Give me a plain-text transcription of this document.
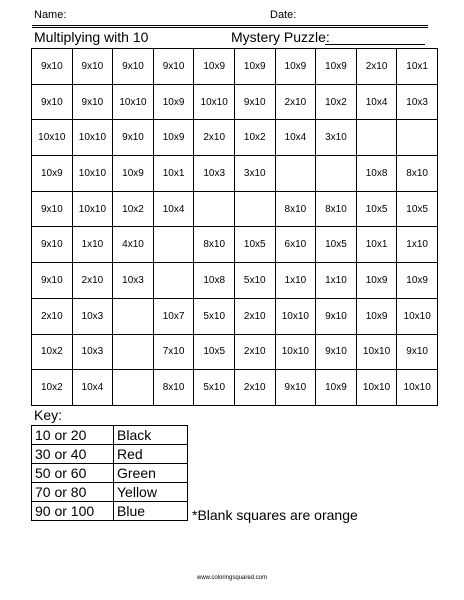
Name:	Date:
Multiplying with 10	Mystery Puzzle:
9x10	9x10	9x10	9x10	10x9	10x9	10x9	10x9	2x10	10x1
9x10	9x10	10x10	10x9	10x10	9x10	2x10	10x2	10x4	10x3
10x10	10x10	9x10	10x9	2x10	10x2	10x4	3x10		
10x9	10x10	10x9	10x1	10x3	3x10			10x8	8x10
9x10	10x10	10x2	10x4			8x10	8x10	10x5	10x5
9x10	1x10	4x10		8x10	10x5	6x10	10x5	10x1	1x10
9x10	2x10	10x3		10x8	5x10	1x10	1x10	10x9	10x9
2x10	10x3		10x7	5x10	2x10	10x10	9x10	10x9	10x10
10x2	10x3		7x10	10x5	2x10	10x10	9x10	10x10	9x10
10x2	10x4		8x10	5x10	2x10	9x10	10x9	10x10	10x10
Key:
10 or 20	Black
30 or 40	Red
50 or 60	Green
70 or 80	Yellow
90 or 100	Blue	*Blank squares are orange
www.coloringsquared.com
